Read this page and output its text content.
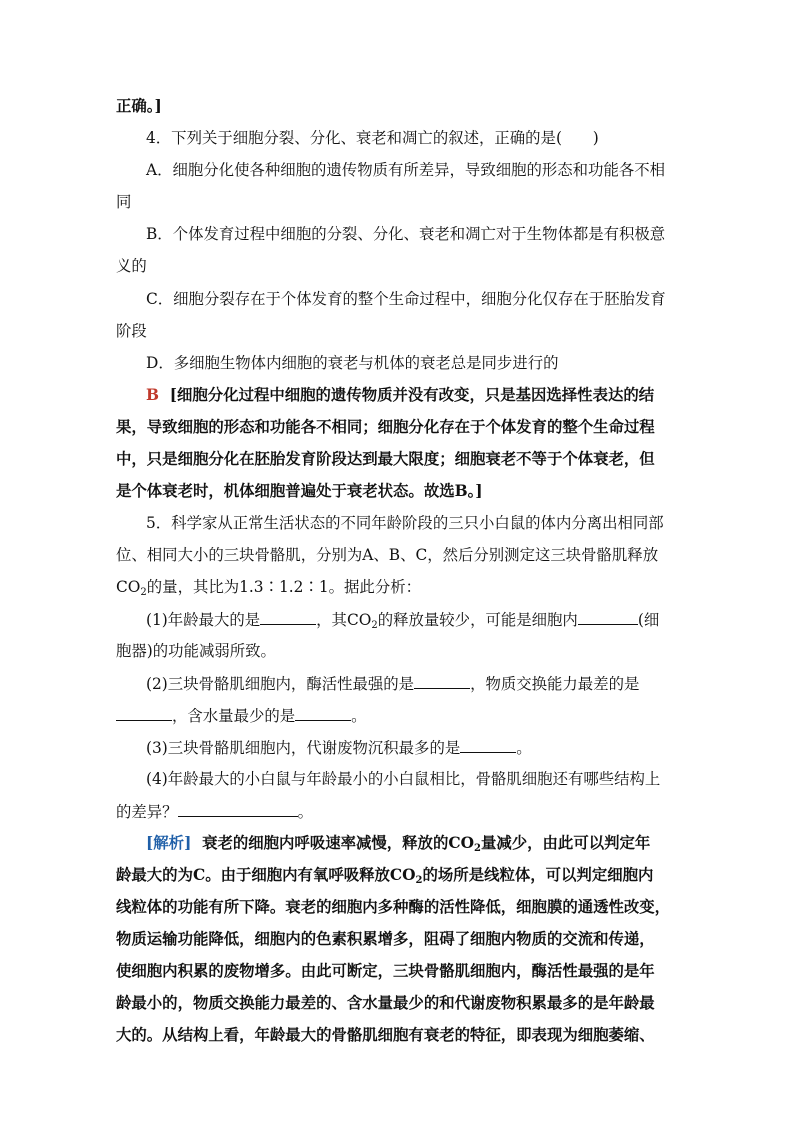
正确。]
4．下列关于细胞分裂、分化、衰老和凋亡的叙述，正确的是(　　)
A．细胞分化使各种细胞的遗传物质有所差异，导致细胞的形态和功能各不相
同
B．个体发育过程中细胞的分裂、分化、衰老和凋亡对于生物体都是有积极意
义的
C．细胞分裂存在于个体发育的整个生命过程中，细胞分化仅存在于胚胎发育
阶段
D．多细胞生物体内细胞的衰老与机体的衰老总是同步进行的
B [细胞分化过程中细胞的遗传物质并没有改变，只是基因选择性表达的结
果，导致细胞的形态和功能各不相同；细胞分化存在于个体发育的整个生命过程
中，只是细胞分化在胚胎发育阶段达到最大限度；细胞衰老不等于个体衰老，但
是个体衰老时，机体细胞普遍处于衰老状态。故选B。]
5．科学家从正常生活状态的不同年龄阶段的三只小白鼠的体内分离出相同部
位、相同大小的三块骨骼肌，分别为A、B、C，然后分别测定这三块骨骼肌释放
$CO_2$的量，其比为1.3∶1.2∶1。据此分析：
(1)年龄最大的是	，其$CO_2$的释放量较少，可能是细胞内	(细
胞器)的功能减弱所致。
(2)三块骨骼肌细胞内，酶活性最强的是	，物质交换能力最差的是
，含水量最少的是	。
(3)三块骨骼肌细胞内，代谢废物沉积最多的是	。
(4)年龄最大的小白鼠与年龄最小的小白鼠相比，骨骼肌细胞还有哪些结构上
的差异？	。
[解析] 衰老的细胞内呼吸速率减慢，释放的$CO_2$量减少，由此可以判定年
龄最大的为C。由于细胞内有氧呼吸释放$CO_2$的场所是线粒体，可以判定细胞内
线粒体的功能有所下降。衰老的细胞内多种酶的活性降低，细胞膜的通透性改变，
物质运输功能降低，细胞内的色素积累增多，阻碍了细胞内物质的交流和传递，
使细胞内积累的废物增多。由此可断定，三块骨骼肌细胞内，酶活性最强的是年
龄最小的，物质交换能力最差的、含水量最少的和代谢废物积累最多的是年龄最
大的。从结构上看，年龄最大的骨骼肌细胞有衰老的特征，即表现为细胞萎缩、
